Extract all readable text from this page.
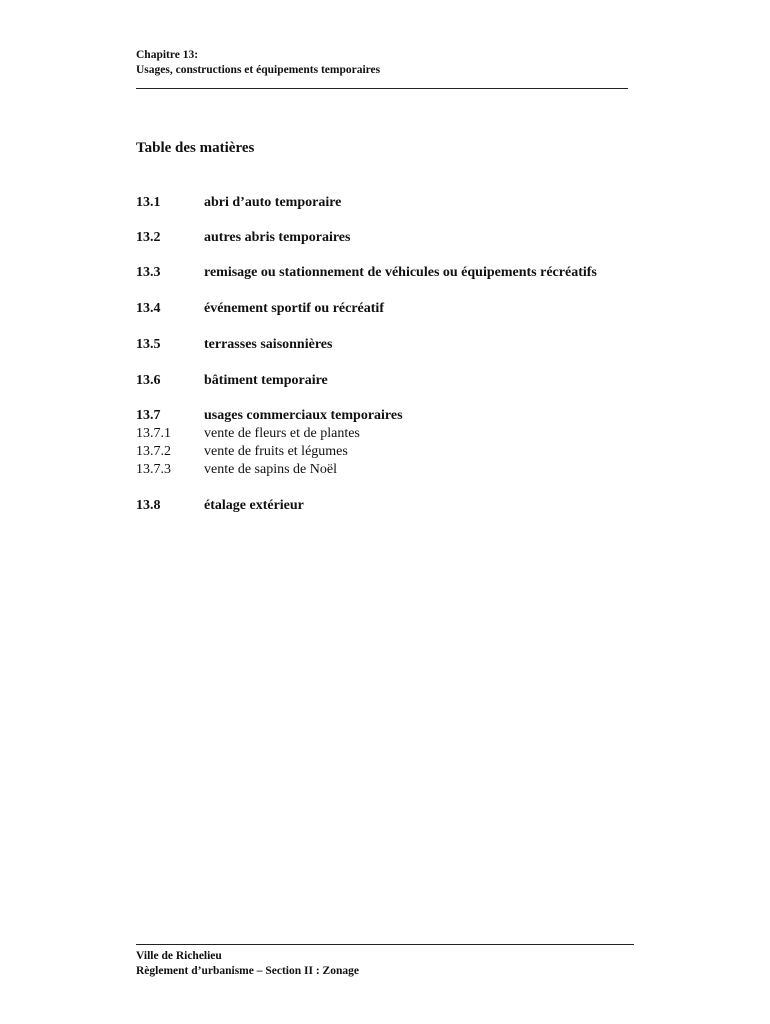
Chapitre 13:
Usages, constructions et équipements temporaires
Table des matières
13.1	abri d’auto temporaire
13.2	autres abris temporaires
13.3	remisage ou stationnement de véhicules ou équipements récréatifs
13.4	événement sportif ou récréatif
13.5	terrasses saisonnières
13.6	bâtiment temporaire
13.7	usages commerciaux temporaires
13.7.1	vente de fleurs et de plantes
13.7.2	vente de fruits et légumes
13.7.3	vente de sapins de Noël
13.8	étalage extérieur
Ville de Richelieu
Règlement d’urbanisme – Section II : Zonage
